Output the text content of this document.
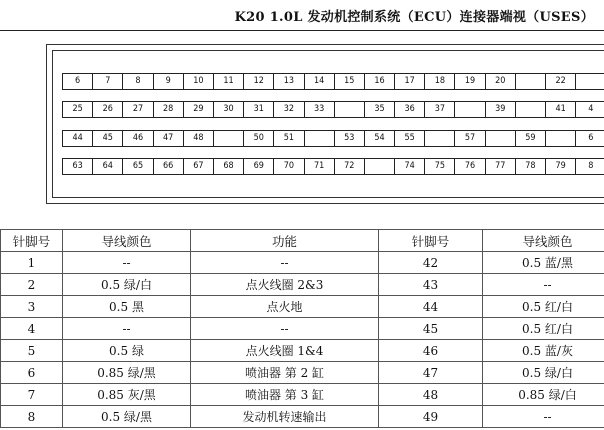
K20 1.0L 发动机控制系统（ECU）连接器端视（USES）
6	7	8	9	10	11	12	13	14	15	16	17	18	19	20	22
25	26	27	28	29	30	31	32	33	35	36	37	39	41	4
44	45	46	47	48	50	51	53	54	55	57	59	6
63	64	65	66	67	68	69	70	71	72	74	75	76	77	78	79	8
针脚号	导线颜色	功能	针脚号	导线颜色
1	--	--	42	0.5 蓝/黑
2	0.5 绿/白	点火线圈 2&3	43	--
3	0.5 黑	点火地	44	0.5 红/白
4	--	--	45	0.5 红/白
5	0.5 绿	点火线圈 1&4	46	0.5 蓝/灰
6	0.85 绿/黑	喷油器 第 2 缸	47	0.5 绿/白
7	0.85 灰/黑	喷油器 第 3 缸	48	0.85 绿/白
8	0.5 绿/黑	发动机转速输出	49	--
